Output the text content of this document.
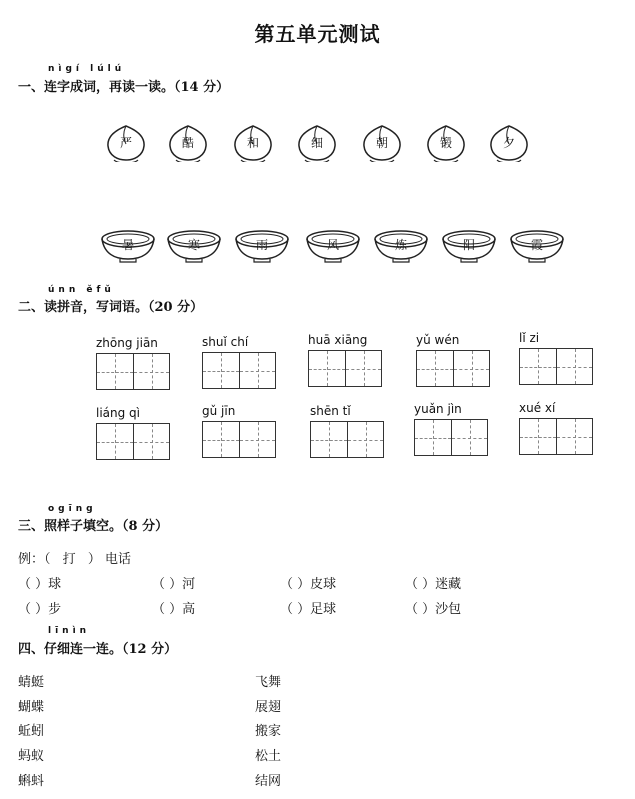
第五单元测试
nìgí lúlú
一、连字成词，再读一读。（14 分）
严	酷	和	细	朝	锻	夕
暑	寒	雨	风	炼	阳	霞
únn ěfǔ
二、读拼音，写词语。（20 分）
zhōng jiān	shuǐ chí	huā xiāng	yǔ wén	lǐ zi
liáng qì	gǔ jīn	shēn tǐ	yuǎn jìn	xué xí
ogīng
三、照样子填空。（8 分）
例：（ 打 ） 电话
（ ）球	（ ）河	（ ）皮球	（ ）迷藏
（ ）步	（ ）高	（ ）足球	（ ）沙包
līnìn
四、仔细连一连。（12 分）
蜻蜓
蝴蝶
蚯蚓
蚂蚁
蝌蚪
飞舞
展翅
搬家
松土
结网
